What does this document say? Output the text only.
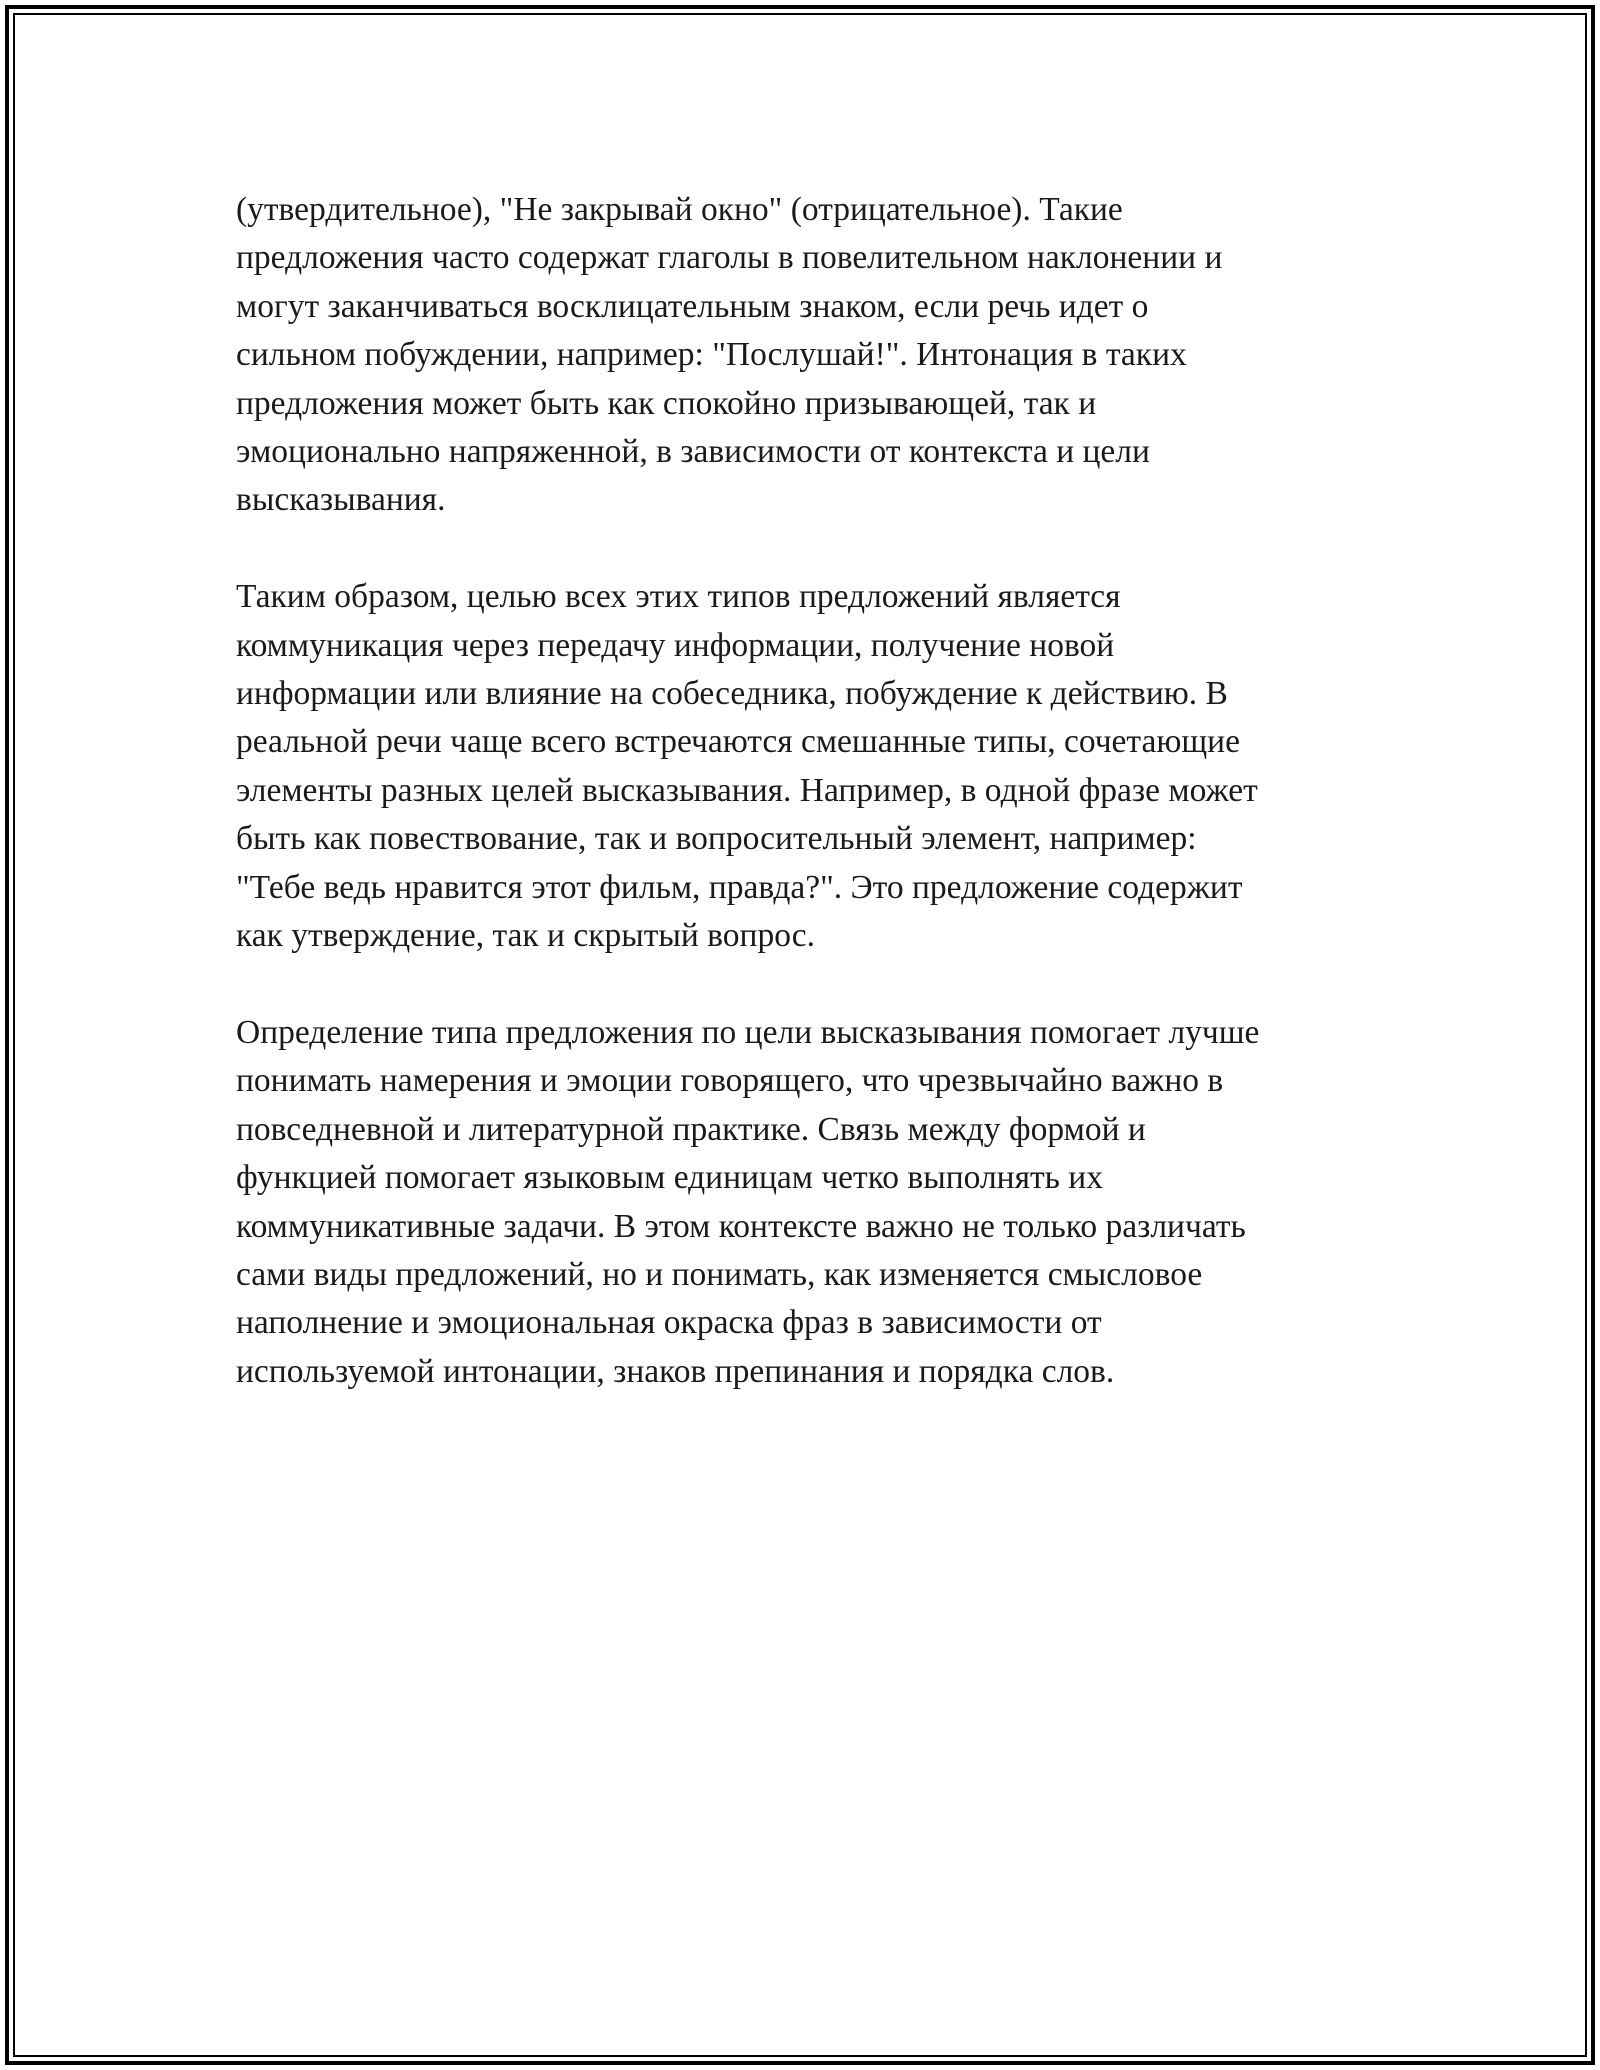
(утвердительное), "Не закрывай окно" (отрицательное). Такие
предложения часто содержат глаголы в повелительном наклонении и
могут заканчиваться восклицательным знаком, если речь идет о
сильном побуждении, например: "Послушай!". Интонация в таких
предложения может быть как спокойно призывающей, так и
эмоционально напряженной, в зависимости от контекста и цели
высказывания.

Таким образом, целью всех этих типов предложений является
коммуникация через передачу информации, получение новой
информации или влияние на собеседника, побуждение к действию. В
реальной речи чаще всего встречаются смешанные типы, сочетающие
элементы разных целей высказывания. Например, в одной фразе может
быть как повествование, так и вопросительный элемент, например:
"Тебе ведь нравится этот фильм, правда?". Это предложение содержит
как утверждение, так и скрытый вопрос.

Определение типа предложения по цели высказывания помогает лучше
понимать намерения и эмоции говорящего, что чрезвычайно важно в
повседневной и литературной практике. Связь между формой и
функцией помогает языковым единицам четко выполнять их
коммуникативные задачи. В этом контексте важно не только различать
сами виды предложений, но и понимать, как изменяется смысловое
наполнение и эмоциональная окраска фраз в зависимости от
используемой интонации, знаков препинания и порядка слов.
